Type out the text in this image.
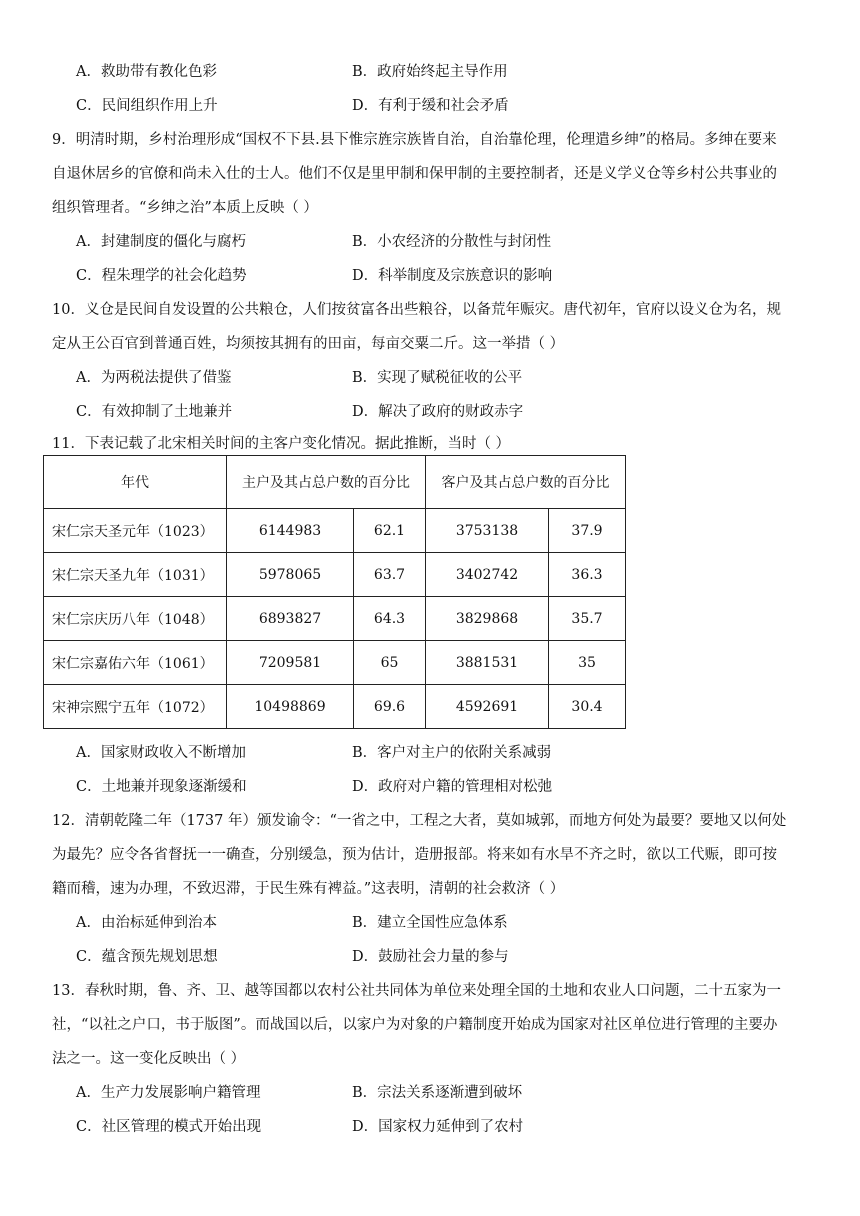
A．救助带有教化色彩	B．政府始终起主导作用
C．民间组织作用上升	D．有利于缓和社会矛盾
9．明清时期，乡村治理形成“国权不下县.县下惟宗旌宗族皆自治，自治靠伦理，伦理遣乡绅”的格局。多绅在要来
自退休居乡的官僚和尚未入仕的士人。他们不仅是里甲制和保甲制的主要控制者，还是义学义仓等乡村公共事业的
组织管理者。“乡绅之治”本质上反映（ ）
A．封建制度的僵化与腐朽	B．小农经济的分散性与封闭性
C．程朱理学的社会化趋势	D．科举制度及宗族意识的影响
10．义仓是民间自发设置的公共粮仓，人们按贫富各出些粮谷，以备荒年赈灾。唐代初年，官府以设义仓为名，规
定从王公百官到普通百姓，均须按其拥有的田亩，每亩交粟二斤。这一举措（ ）
A．为两税法提供了借鉴	B．实现了赋税征收的公平
C．有效抑制了土地兼并	D．解决了政府的财政赤字
11．下表记载了北宋相关时间的主客户变化情况。据此推断，当时（ ）
年代	主户及其占总户数的百分比		客户及其占总户数的百分比	
宋仁宗天圣元年（1023）	6144983	62.1	3753138	37.9
宋仁宗天圣九年（1031）	5978065	63.7	3402742	36.3
宋仁宗庆历八年（1048）	6893827	64.3	3829868	35.7
宋仁宗嘉佑六年（1061）	7209581	65	3881531	35
宋神宗熙宁五年（1072）	10498869	69.6	4592691	30.4
A．国家财政收入不断增加	B．客户对主户的依附关系减弱
C．土地兼并现象逐渐缓和	D．政府对户籍的管理相对松弛
12．清朝乾隆二年（1737 年）颁发谕令：“一省之中，工程之大者，莫如城郭，而地方何处为最要？要地又以何处
为最先？应令各省督抚一一确查，分别缓急，预为估计，造册报部。将来如有水旱不齐之时，欲以工代赈，即可按
籍而稽，速为办理，不致迟滞，于民生殊有裨益。”这表明，清朝的社会救济（ ）
A．由治标延伸到治本	B．建立全国性应急体系
C．蕴含预先规划思想	D．鼓励社会力量的参与
13．春秋时期，鲁、齐、卫、越等国都以农村公社共同体为单位来处理全国的土地和农业人口问题，二十五家为一
社，“以社之户口，书于版图”。而战国以后，以家户为对象的户籍制度开始成为国家对社区单位进行管理的主要办
法之一。这一变化反映出（ ）
A．生产力发展影响户籍管理	B．宗法关系逐渐遭到破坏
C．社区管理的模式开始出现	D．国家权力延伸到了农村
